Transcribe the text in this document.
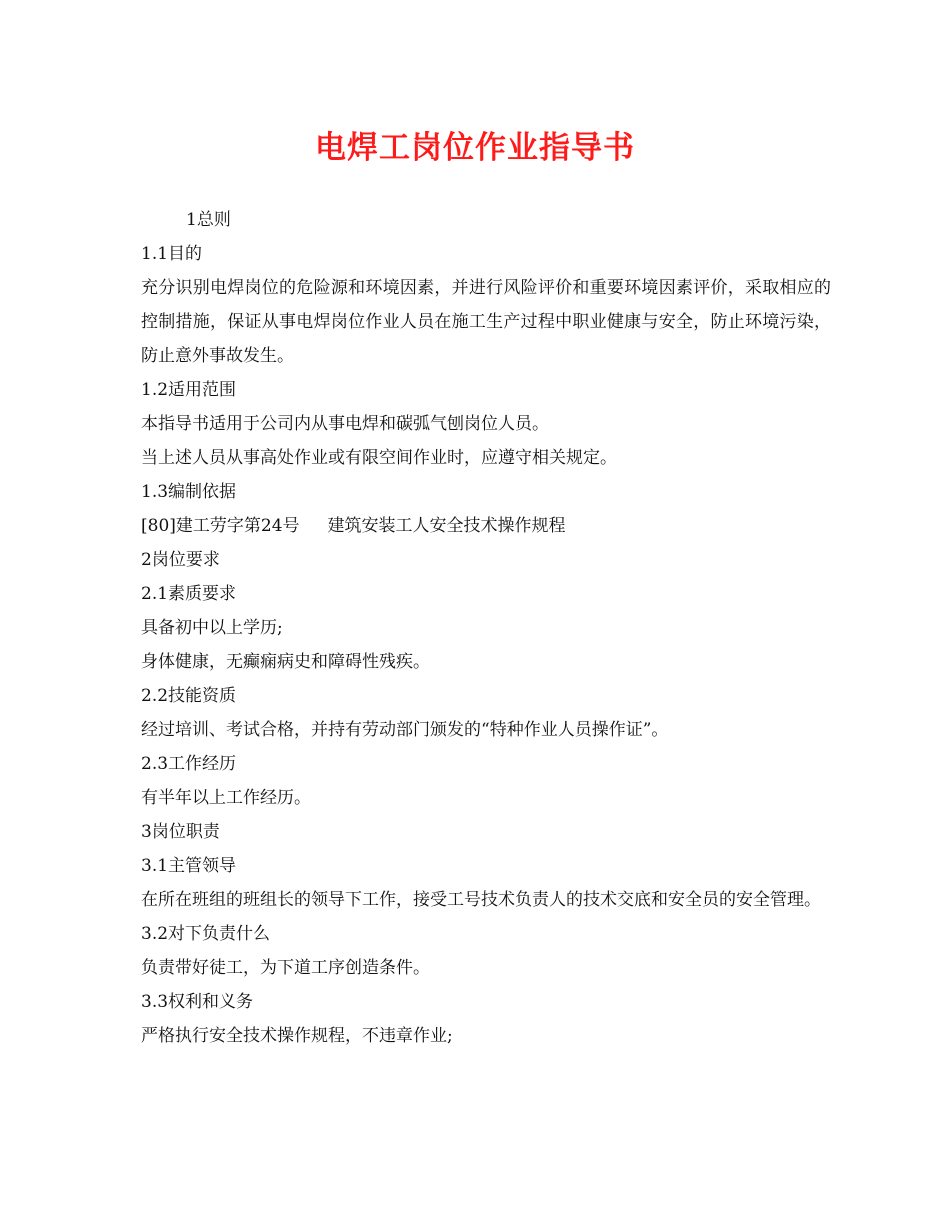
电焊工岗位作业指导书

1总则

1.1目的

充分识别电焊岗位的危险源和环境因素，并进行风险评价和重要环境因素评价，采取相应的控制措施，保证从事电焊岗位作业人员在施工生产过程中职业健康与安全，防止环境污染，防止意外事故发生。

1.2适用范围

本指导书适用于公司内从事电焊和碳弧气刨岗位人员。

当上述人员从事高处作业或有限空间作业时，应遵守相关规定。

1.3编制依据

[80]建工劳字第24号 建筑安装工人安全技术操作规程

2岗位要求

2.1素质要求

具备初中以上学历;

身体健康，无癫痫病史和障碍性残疾。

2.2技能资质

经过培训、考试合格，并持有劳动部门颁发的“特种作业人员操作证”。

2.3工作经历

有半年以上工作经历。

3岗位职责

3.1主管领导

在所在班组的班组长的领导下工作，接受工号技术负责人的技术交底和安全员的安全管理。

3.2对下负责什么

负责带好徒工，为下道工序创造条件。

3.3权利和义务

严格执行安全技术操作规程，不违章作业;
